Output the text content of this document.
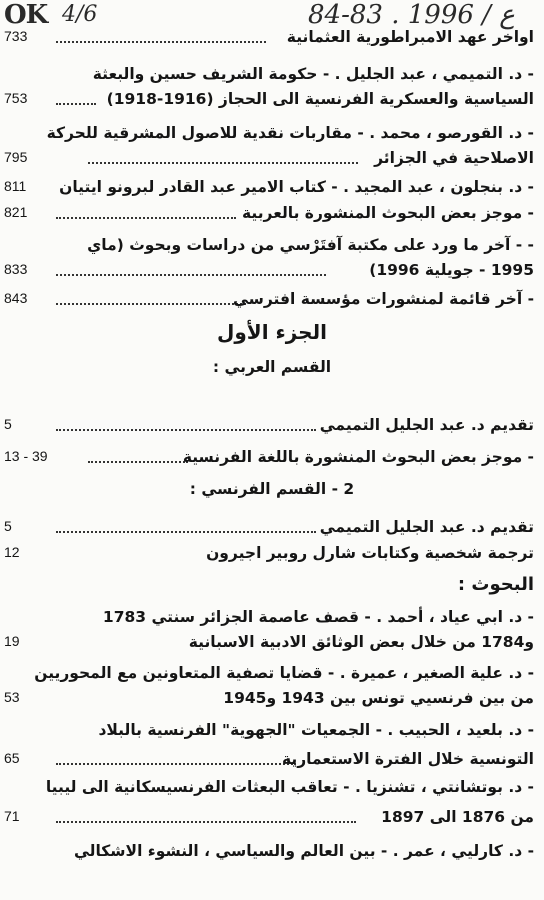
OK 4/6	84-83 . ع / 1996
733	اواخر عهد الامبراطورية العثمانية
- د. التميمي ، عبد الجليل . - حكومة الشريف حسين والبعثة
753	السياسية والعسكرية الفرنسية الى الحجاز (1916-1918)
- د. القورصو ، محمد . - مقاربات نقدية للاصول المشرقية للحركة
795	الاصلاحية في الجزائر
811 - د. بنجلون ، عبد المجيد . - كتاب الامير عبد القادر لبرونو ايتيان
821	- موجز بعض البحوث المنشورة بالعربية
- - آخر ما ورد على مكتبة آفتَرْسي من دراسات وبحوث (ماي
833	1995 - جويلية 1996)
843	- آخر قائمة لمنشورات مؤسسة افترسي
الجزء الأول
القسم العربي :
5	تقديم د. عبد الجليل التميمي
13 - 39	- موجز بعض البحوث المنشورة باللغة الفرنسية
2 - القسم الفرنسي :
5	تقديم د. عبد الجليل التميمي
12	ترجمة شخصية وكتابات شارل روبير اجيرون
البحوث :
- د. ابي عياد ، أحمد . - قصف عاصمة الجزائر سنتي 1783
19	و1784 من خلال بعض الوثائق الادبية الاسبانية
- د. علية الصغير ، عميرة . - قضايا تصفية المتعاونين مع المحوريين
53	من بين فرنسيي تونس بين 1943 و1945
- د. بلعيد ، الحبيب . - الجمعيات "الجهوية" الفرنسية بالبلاد
65	التونسية خلال الفترة الاستعمارية
- د. بوتشانتي ، تشنزيا . - تعاقب البعثات الفرنسيسكانية الى ليبيا
71	من 1876 الى 1897
- د. كارليي ، عمر . - بين العالم والسياسي ، النشوء الاشكالي
